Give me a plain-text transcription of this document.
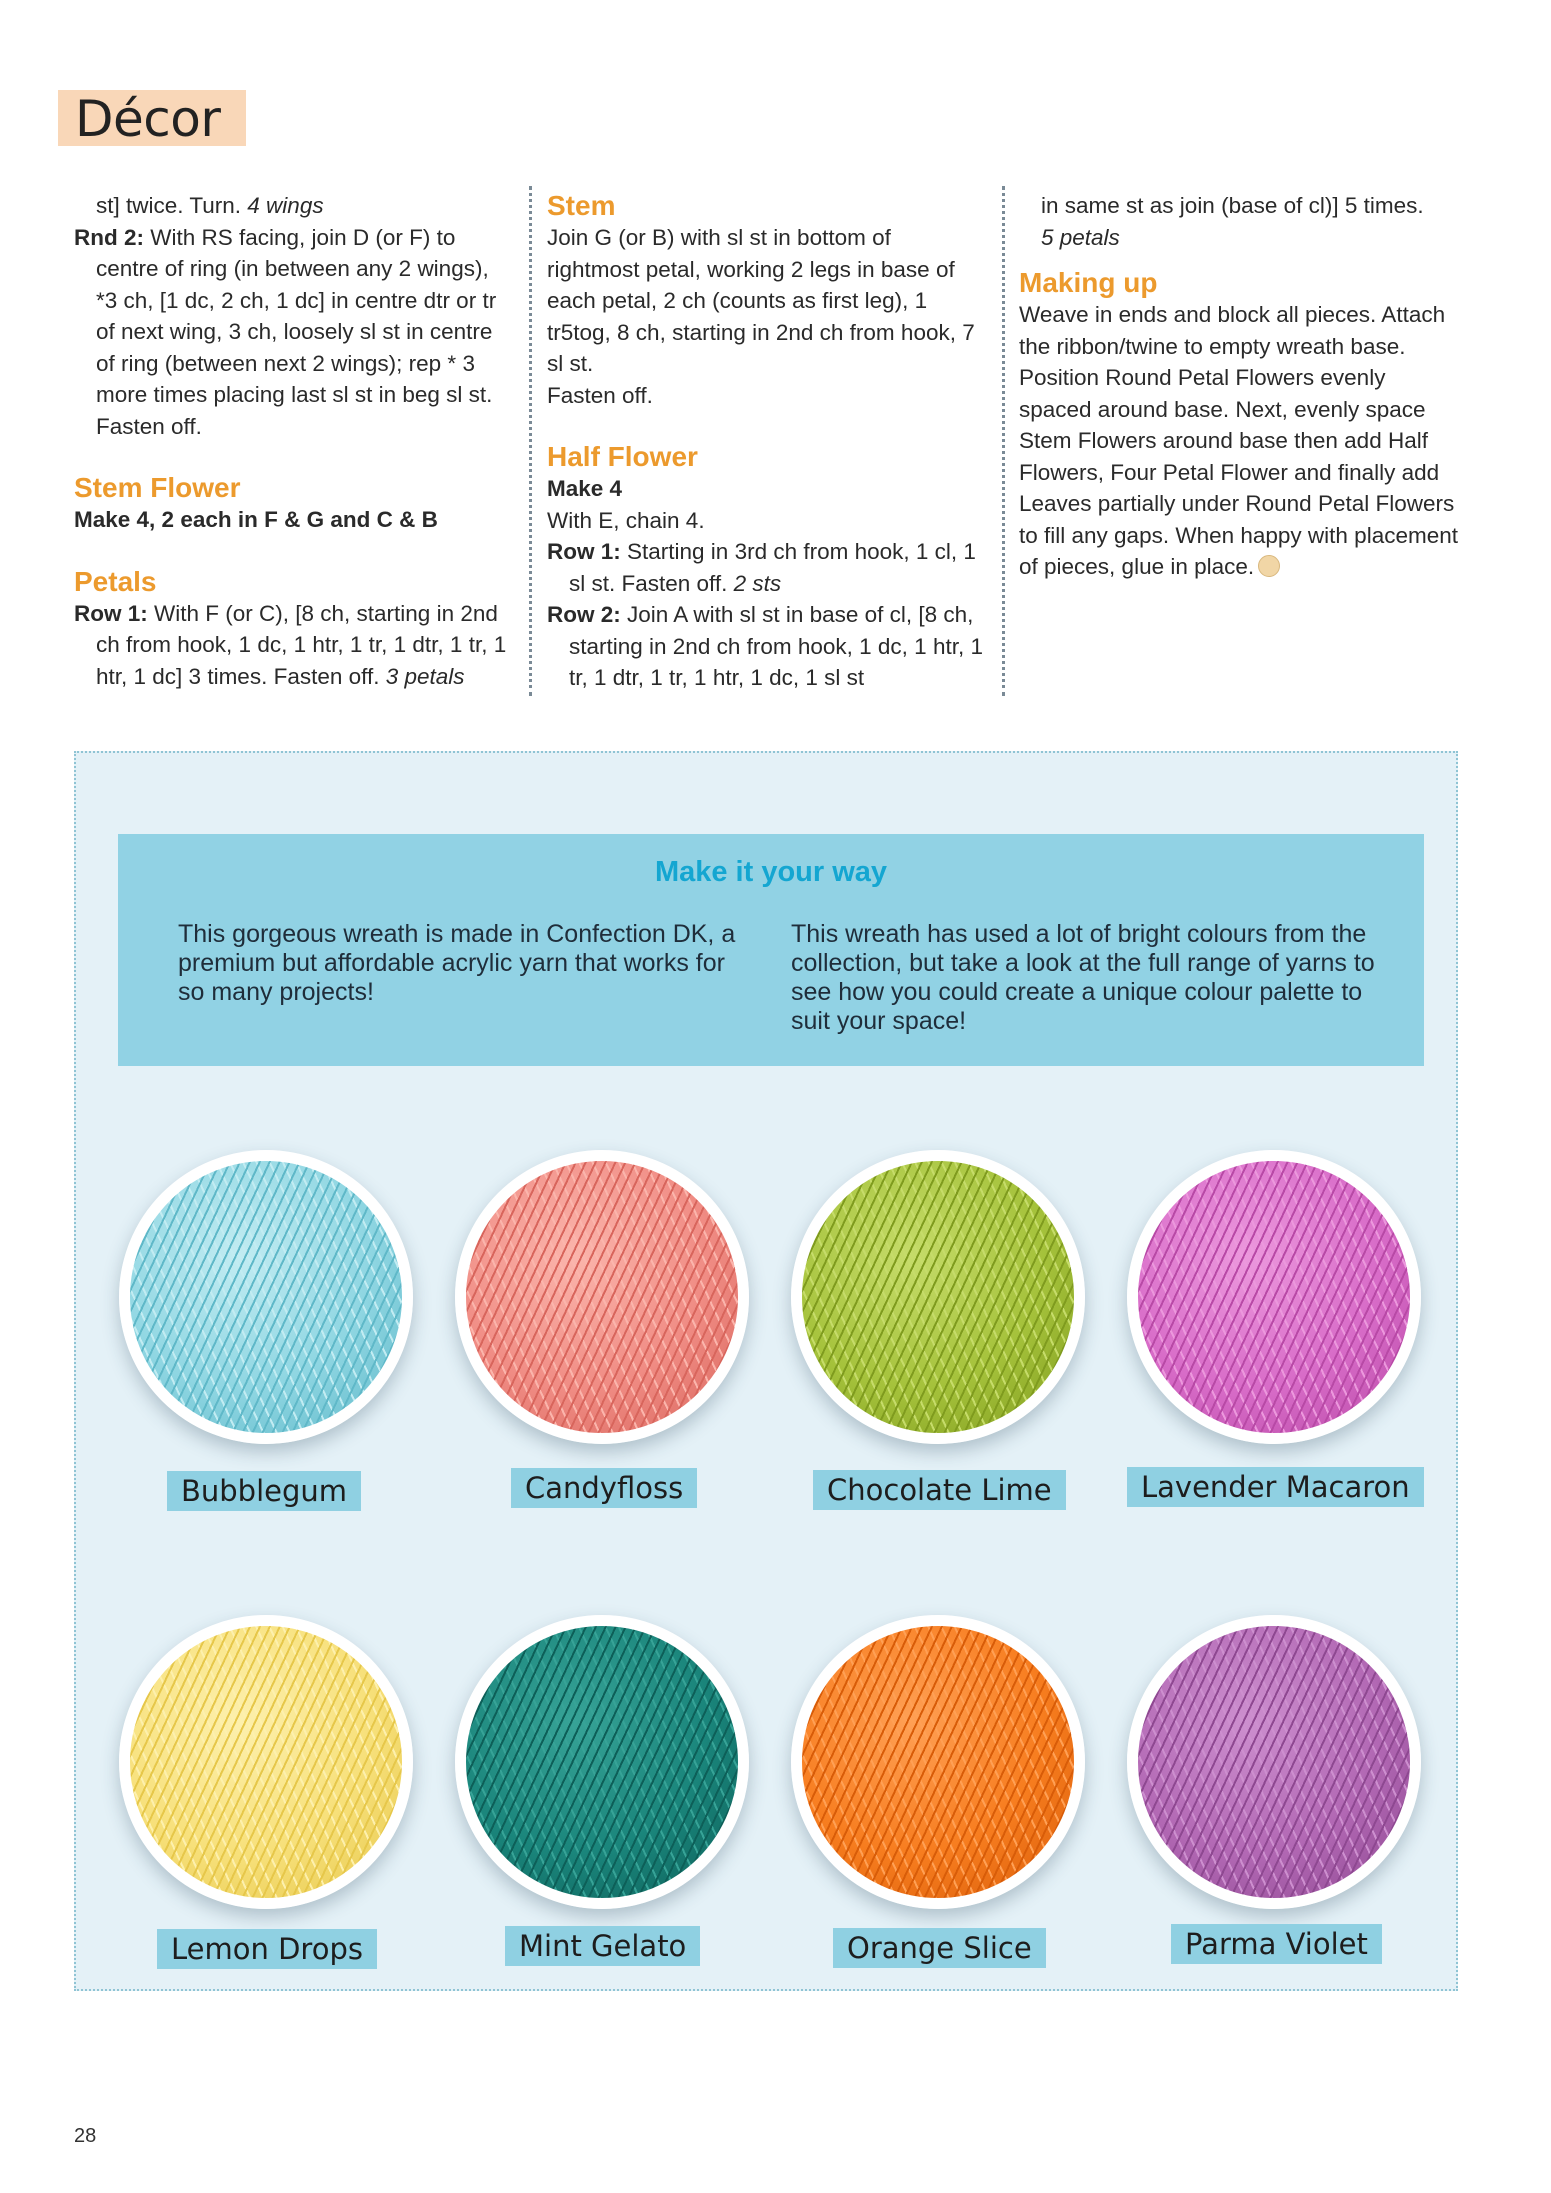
Décor

st] twice. Turn. 4 wings

Rnd 2: With RS facing, join D (or F) to centre of ring (in between any 2 wings), *3 ch, [1 dc, 2 ch, 1 dc] in centre dtr or tr of next wing, 3 ch, loosely sl st in centre of ring (between next 2 wings); rep * 3 more times placing last sl st in beg sl st.

Fasten off.

Stem Flower

Make 4, 2 each in F & G and C & B

Petals

Row 1: With F (or C), [8 ch, starting in 2nd ch from hook, 1 dc, 1 htr, 1 tr, 1 dtr, 1 tr, 1 htr, 1 dc] 3 times. Fasten off. 3 petals

Stem

Join G (or B) with sl st in bottom of rightmost petal, working 2 legs in base of each petal, 2 ch (counts as first leg), 1 tr5tog, 8 ch, starting in 2nd ch from hook, 7 sl st.

Fasten off.

Half Flower

Make 4

With E, chain 4.

Row 1: Starting in 3rd ch from hook, 1 cl, 1 sl st. Fasten off. 2 sts

Row 2: Join A with sl st in base of cl, [8 ch, starting in 2nd ch from hook, 1 dc, 1 htr, 1 tr, 1 dtr, 1 tr, 1 htr, 1 dc, 1 sl st

in same st as join (base of cl)] 5 times.

5 petals

Making up

Weave in ends and block all pieces. Attach the ribbon/twine to empty wreath base. Position Round Petal Flowers evenly spaced around base. Next, evenly space Stem Flowers around base then add Half Flowers, Four Petal Flower and finally add Leaves partially under Round Petal Flowers to fill any gaps. When happy with placement of pieces, glue in place.

Make it your way
This gorgeous wreath is made in Confection DK, a premium but affordable acrylic yarn that works for so many projects!
This wreath has used a lot of bright colours from the collection, but take a look at the full range of yarns to see how you could create a unique colour palette to suit your space!
Bubblegum	Candyfloss	Chocolate Lime	Lavender Macaron
Lemon Drops	Mint Gelato	Orange Slice	Parma Violet
28
